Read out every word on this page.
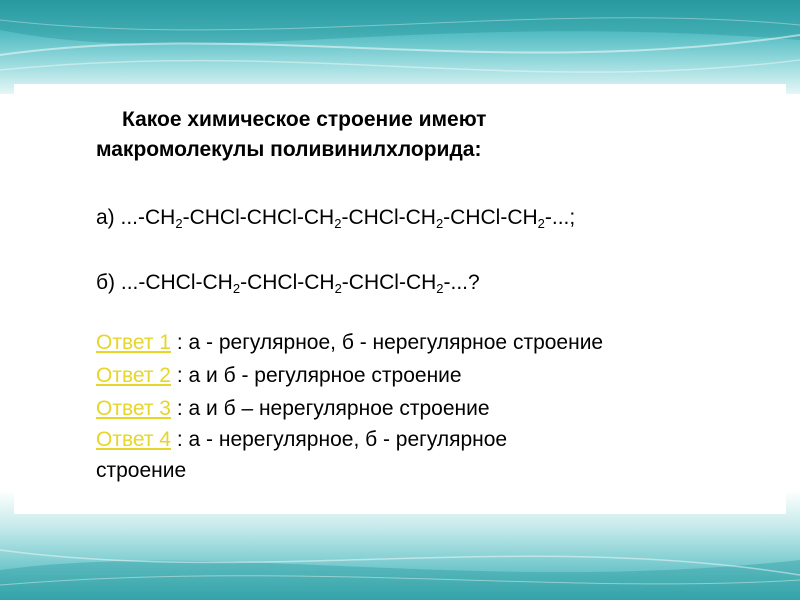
Какое химическое строение имеют
макромолекулы поливинилхлорида:
а) $...-CH_2-CHCl-CHCl-CH_2-CHCl-CH_2-CHCl-CH_2-$...;
б) $...-CHCl-CH_2-CHCl-CH_2-CHCl-CH_2-$...?
Ответ 1 : а - регулярное, б - нерегулярное строение
Ответ 2 : а и б - регулярное строение
Ответ 3 : а и б – нерегулярное строение
Ответ 4 : а - нерегулярное, б - регулярное
строение
